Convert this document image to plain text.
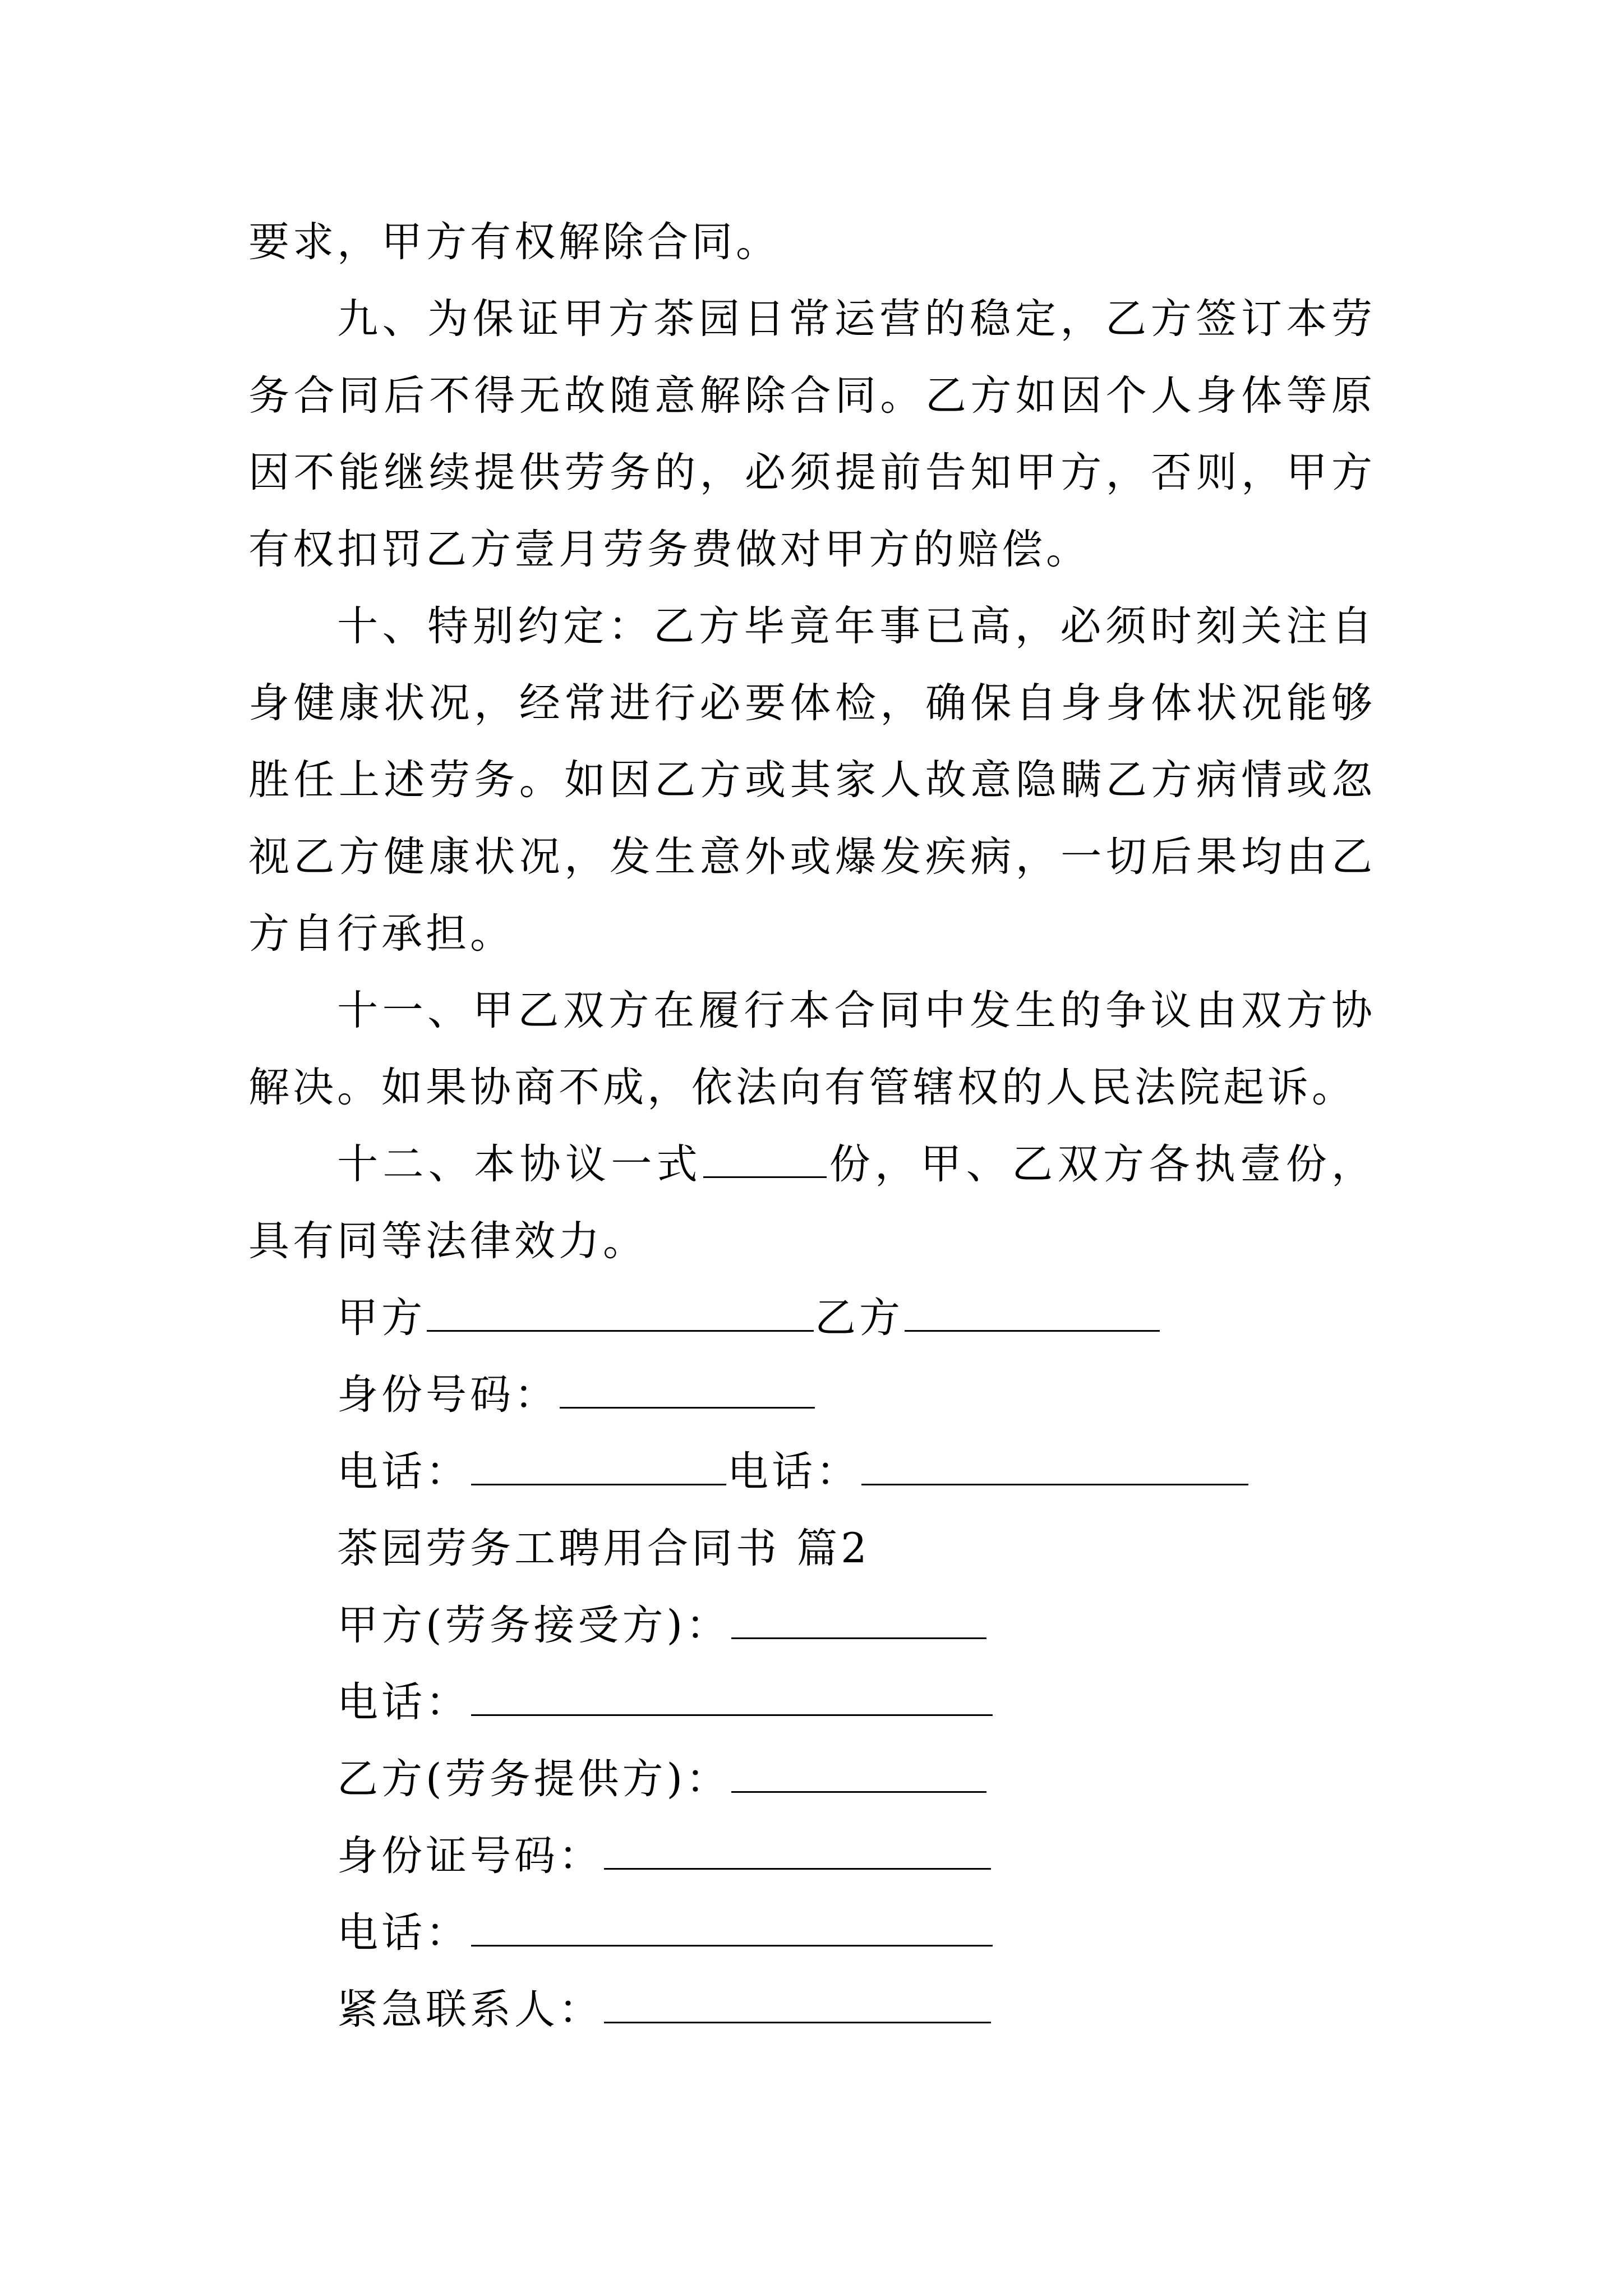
要求，甲方有权解除合同。

九、为保证甲方茶园日常运营的稳定，乙方签订本劳务合同后不得无故随意解除合同。乙方如因个人身体等原因不能继续提供劳务的，必须提前告知甲方，否则，甲方有权扣罚乙方壹月劳务费做对甲方的赔偿。

十、特别约定：乙方毕竟年事已高，必须时刻关注自身健康状况，经常进行必要体检，确保自身身体状况能够胜任上述劳务。如因乙方或其家人故意隐瞒乙方病情或忽视乙方健康状况，发生意外或爆发疾病，一切后果均由乙方自行承担。

十一、甲乙双方在履行本合同中发生的争议由双方协解决。如果协商不成，依法向有管辖权的人民法院起诉。

十二、本协议一式	份，甲、乙双方各执壹份，具有同等法律效力。

甲方	乙方

身份号码：

电话：	电话：

茶园劳务工聘用合同书 篇2

甲方(劳务接受方)：

电话：

乙方(劳务提供方)：

身份证号码：

电话：

紧急联系人：
